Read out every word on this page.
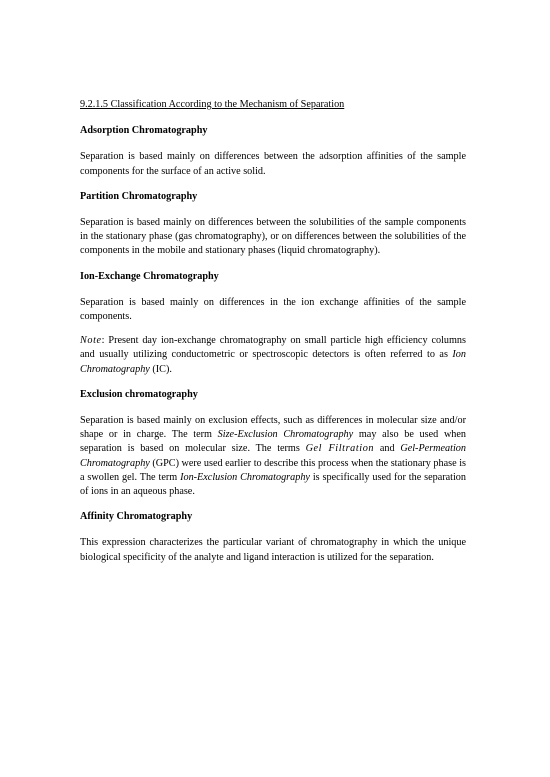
9.2.1.5 Classification According to the Mechanism of Separation
Adsorption Chromatography
Separation is based mainly on differences between the adsorption affinities of the sample components for the surface of an active solid.
Partition Chromatography
Separation is based mainly on differences between the solubilities of the sample components in the stationary phase (gas chromatography), or on differences between the solubilities of the components in the mobile and stationary phases (liquid chromatography).
Ion-Exchange Chromatography
Separation is based mainly on differences in the ion exchange affinities of the sample components.
Note: Present day ion-exchange chromatography on small particle high efficiency columns and usually utilizing conductometric or spectroscopic detectors is often referred to as Ion Chromatography (IC).
Exclusion chromatography
Separation is based mainly on exclusion effects, such as differences in molecular size and/or shape or in charge. The term Size-Exclusion Chromatography may also be used when separation is based on molecular size. The terms Gel Filtration and Gel-Permeation Chromatography (GPC) were used earlier to describe this process when the stationary phase is a swollen gel. The term Ion-Exclusion Chromatography is specifically used for the separation of ions in an aqueous phase.
Affinity Chromatography
This expression characterizes the particular variant of chromatography in which the unique biological specificity of the analyte and ligand interaction is utilized for the separation.
